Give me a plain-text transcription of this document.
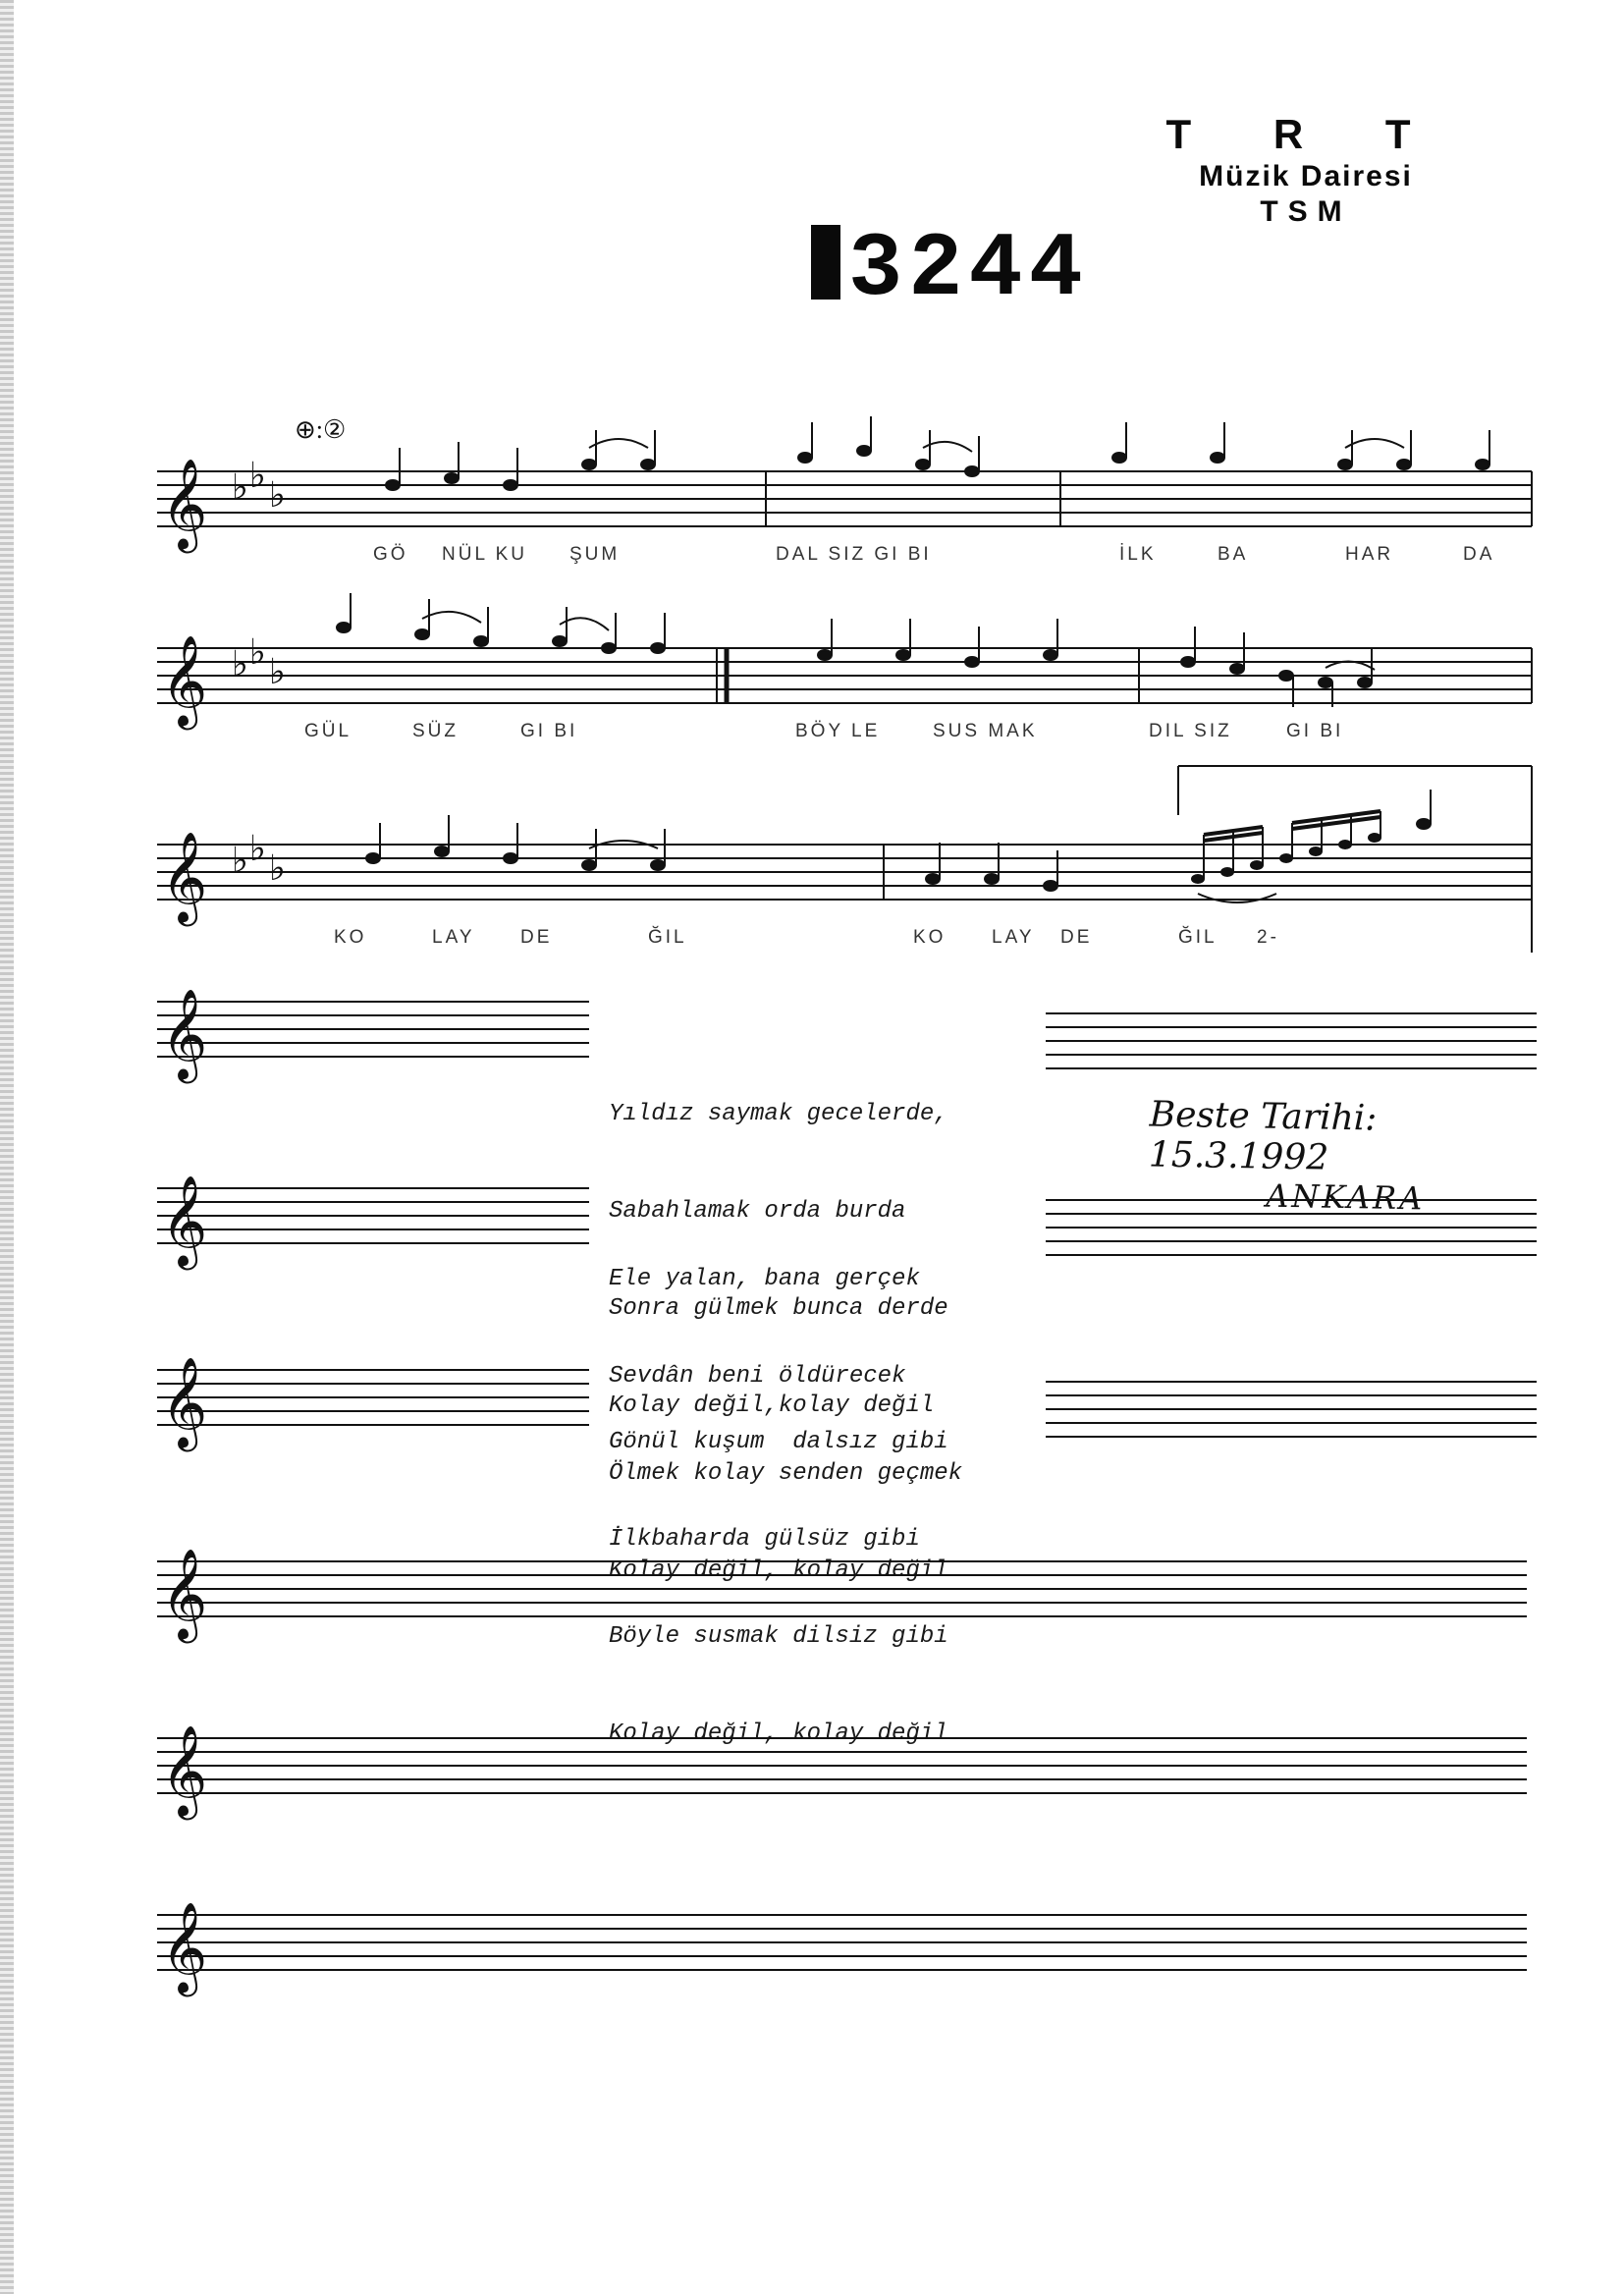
T R T
Müzik Dairesi
TSM
3244
𝄞 ♭ ♭ ♭
⊕:②
GÖ NÜL KU ŞUM	DAL SIZ GI BI	İLK	BA	HAR	DA
𝄞 ♭ ♭ ♭
GÜL	SÜZ	GI BI	BÖY LE	SUS MAK	DIL SIZ	GI BI
𝄞 ♭ ♭ ♭
KO	LAY DE	ĞIL	KO LAY DE	ĞIL 2-
𝄞

Yıldız saymak gecelerde,

Sabahlamak orda burda

Sonra gülmek bunca derde

Kolay değil,kolay değil

Beste Tarihi: 15.3.1992
ANKARA
𝄞

Ele yalan, bana gerçek

Sevdân beni öldürecek

Ölmek kolay senden geçmek

Kolay değil, kolay değil

𝄞

	Gönül kuşum  dalsız gibi

İlkbaharda gülsüz gibi

Böyle susmak dilsiz gibi

Kolay değil, kolay değil

𝄞
𝄞
𝄞
